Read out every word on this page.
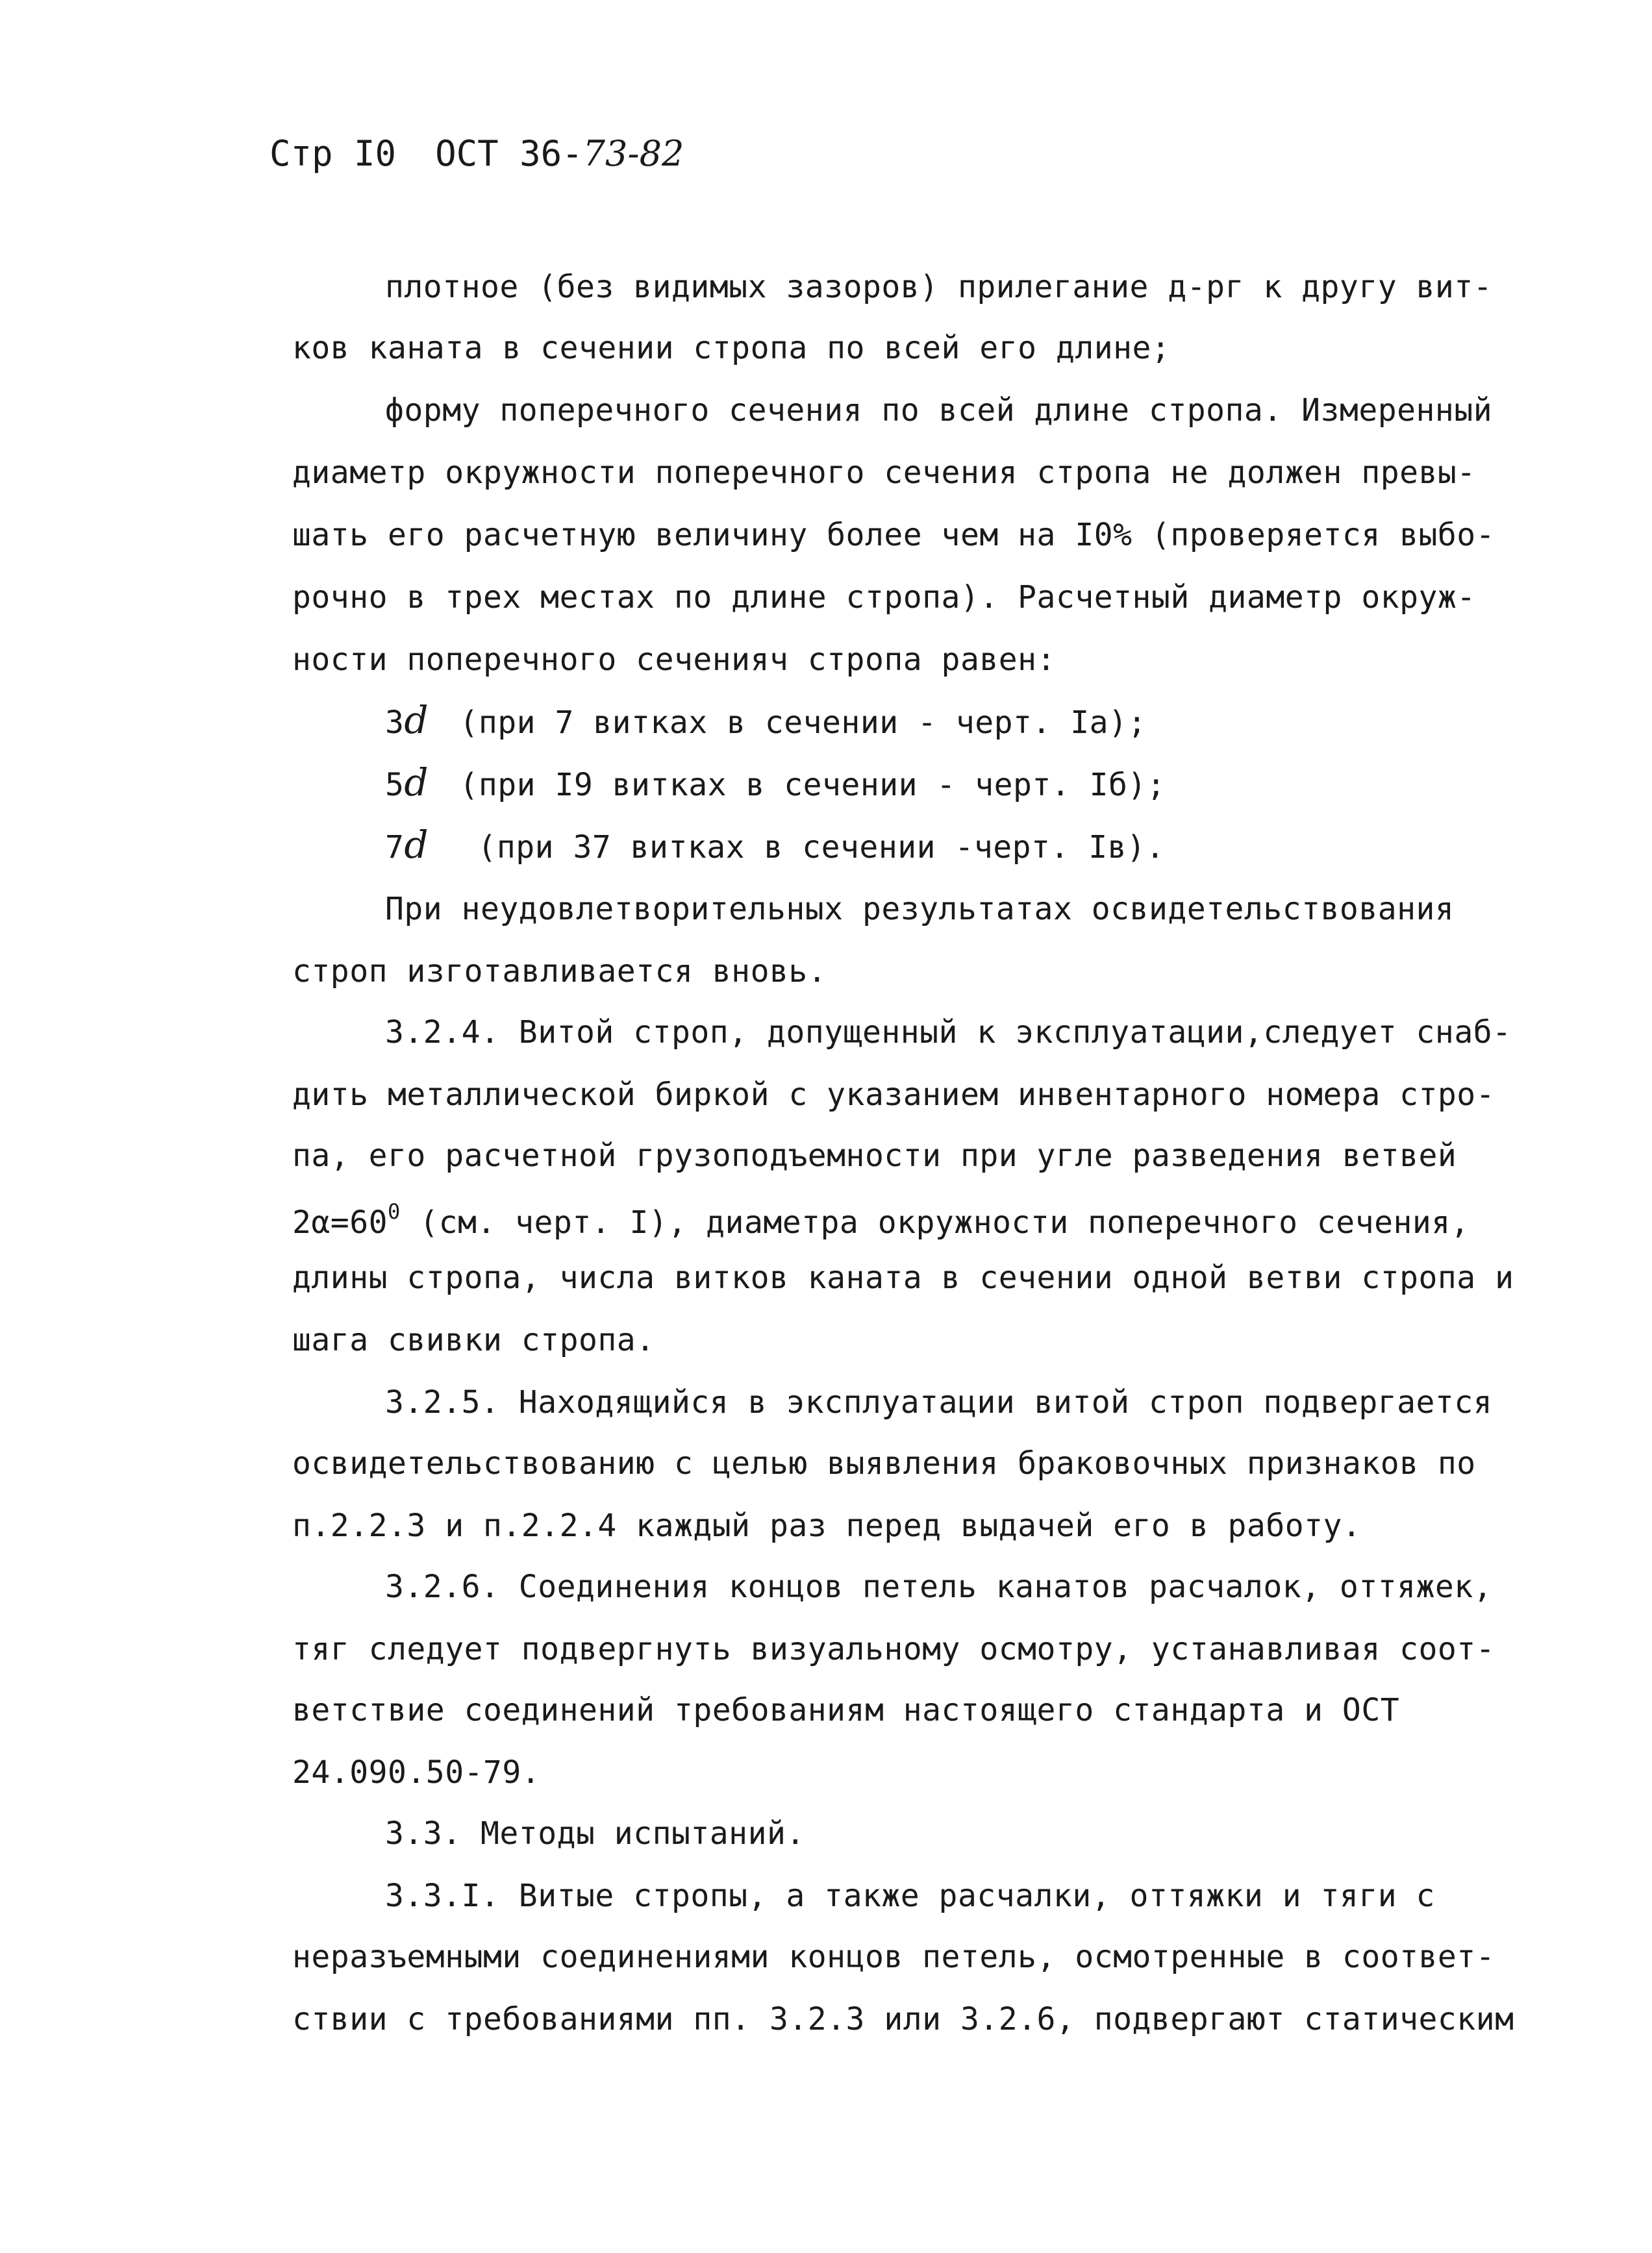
Стр I0 ОСТ 36-73-82
плотное (без видимых зазоров) прилегание д-рг к другу вит-
ков каната в сечении стропа по всей его длине;
форму поперечного сечения по всей длине стропа. Измеренный
диаметр окружности поперечного сечения стропа не должен превы-
шать его расчетную величину более чем на I0% (проверяется выбо-
рочно в трех местах по длине стропа). Расчетный диаметр окруж-
ности поперечного сеченияч стропа равен:
3d (при 7 витках в сечении - черт. Iа);
5d (при I9 витках в сечении - черт. Iб);
7d (при 37 витках в сечении -черт. Iв).
При неудовлетворительных результатах освидетельствования
строп изготавливается вновь.
3.2.4. Витой строп, допущенный к эксплуатации,следует снаб-
дить металлической биркой с указанием инвентарного номера стро-
па, его расчетной грузоподъемности при угле разведения ветвей
$2\alpha=60^0$ (см. черт. I), диаметра окружности поперечного сечения,
длины стропа, числа витков каната в сечении одной ветви стропа и
шага свивки стропа.
3.2.5. Находящийся в эксплуатации витой строп подвергается
освидетельствованию с целью выявления браковочных признаков по
п.2.2.3 и п.2.2.4 каждый раз перед выдачей его в работу.
3.2.6. Соединения концов петель канатов расчалок, оттяжек,
тяг следует подвергнуть визуальному осмотру, устанавливая соот-
ветствие соединений требованиям настоящего стандарта и ОСТ
24.090.50-79.
3.3. Методы испытаний.
3.3.I. Витые стропы, а также расчалки, оттяжки и тяги с
неразъемными соединениями концов петель, осмотренные в соответ-
ствии с требованиями пп. 3.2.3 или 3.2.6, подвергают статическим
